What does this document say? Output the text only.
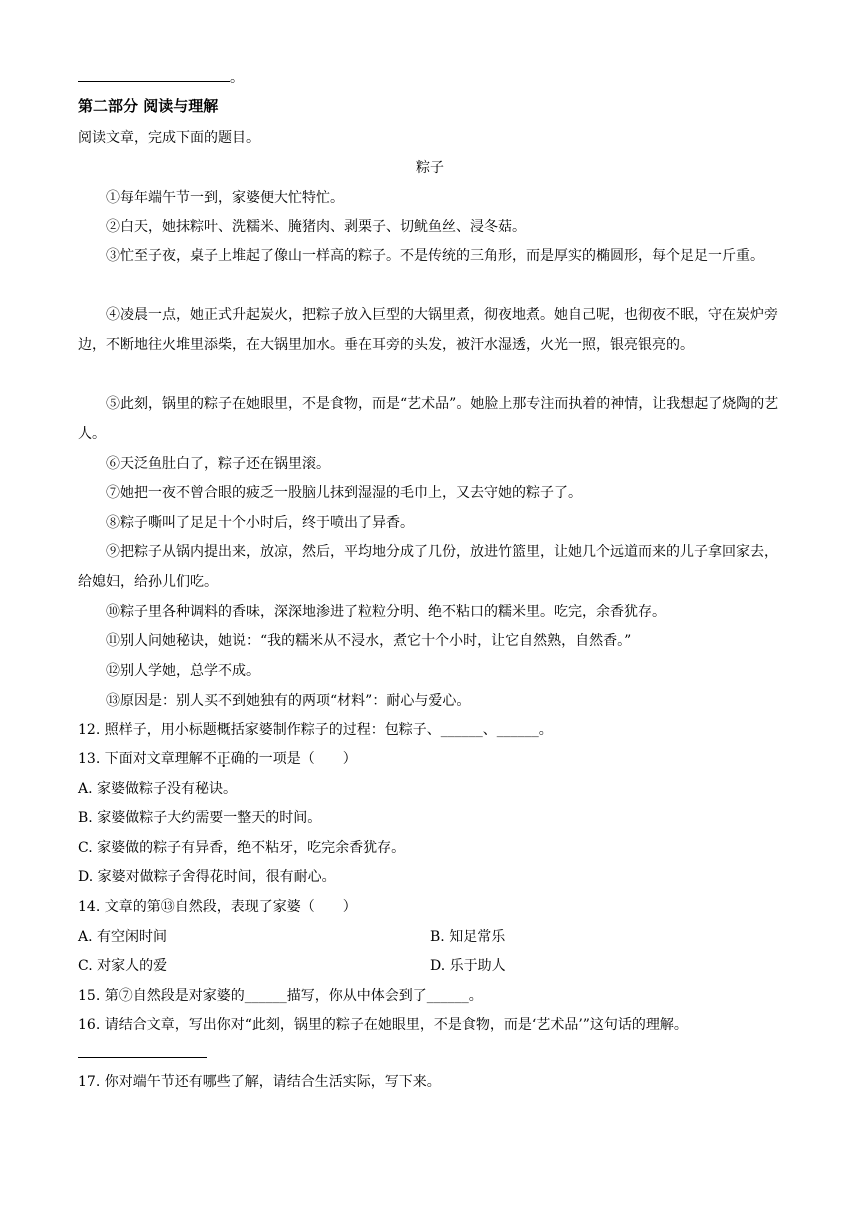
。
第二部分 阅读与理解
阅读文章，完成下面的题目。
粽子
①每年端午节一到，家婆便大忙特忙。
②白天，她抹粽叶、洗糯米、腌猪肉、剥栗子、切鱿鱼丝、浸冬菇。
③忙至子夜，桌子上堆起了像山一样高的粽子。不是传统的三角形，而是厚实的椭圆形，每个足足一斤重。
④凌晨一点，她正式升起炭火，把粽子放入巨型的大锅里煮，彻夜地煮。她自己呢，也彻夜不眠，守在炭炉旁边，不断地往火堆里添柴，在大锅里加水。垂在耳旁的头发，被汗水湿透，火光一照，银亮银亮的。
⑤此刻，锅里的粽子在她眼里，不是食物，而是“艺术品”。她脸上那专注而执着的神情，让我想起了烧陶的艺人。
⑥天泛鱼肚白了，粽子还在锅里滚。
⑦她把一夜不曾合眼的疲乏一股脑儿抹到湿湿的毛巾上，又去守她的粽子了。
⑧粽子嘶叫了足足十个小时后，终于喷出了异香。
⑨把粽子从锅内提出来，放凉，然后，平均地分成了几份，放进竹篮里，让她几个远道而来的儿子拿回家去，给媳妇，给孙儿们吃。
⑩粽子里各种调料的香味，深深地渗进了粒粒分明、绝不粘口的糯米里。吃完，余香犹存。
⑪别人问她秘诀，她说：“我的糯米从不浸水，煮它十个小时，让它自然熟，自然香。”
⑫别人学她，总学不成。
⑬原因是：别人买不到她独有的两项“材料”：耐心与爱心。
12. 照样子，用小标题概括家婆制作粽子的过程：包粽子、______、______。
13. 下面对文章理解不正确的一项是（　　）
A. 家婆做粽子没有秘诀。
B. 家婆做粽子大约需要一整天的时间。
C. 家婆做的粽子有异香，绝不粘牙，吃完余香犹存。
D. 家婆对做粽子舍得花时间，很有耐心。
14. 文章的第⑬自然段，表现了家婆（　　）
A. 有空闲时间	B. 知足常乐
C. 对家人的爱	D. 乐于助人
15. 第⑦自然段是对家婆的______描写，你从中体会到了______。
16. 请结合文章，写出你对“此刻，锅里的粽子在她眼里，不是食物，而是‘艺术品’”这句话的理解。
17. 你对端午节还有哪些了解，请结合生活实际，写下来。
